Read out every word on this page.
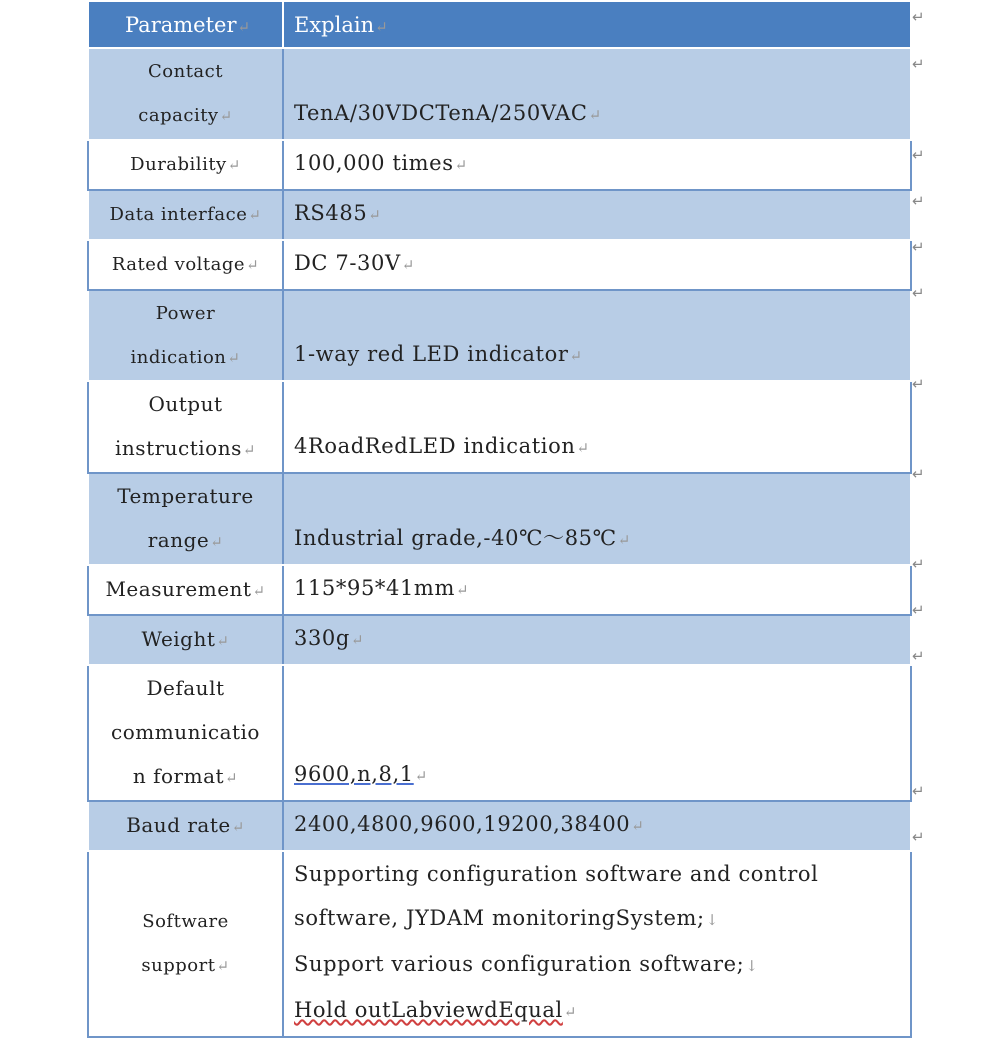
Parameter↵	Explain↵

Contact
capacity↵	TenA/30VDCTenA/250VAC↵
Durability↵	100,000 times↵
Data interface↵	RS485↵
Rated voltage↵	DC 7-30V↵

Power
indication↵	1-way red LED indicator↵

Output
instructions↵	4RoadRedLED indication↵

Temperature
range↵	Industrial grade,-40℃～85℃↵
Measurement↵	115*95*41mm↵
Weight↵	330g↵

Default
communicatio
n format↵	9600,n,8,1↵
Baud rate↵	2400,4800,9600,19200,38400↵

Software
support↵	Supporting configuration software and control
software, JYDAM monitoringSystem;↓
Support various configuration software;↓
Hold outLabviewdEqual↵
↵
↵
↵
↵
↵
↵
↵
↵
↵
↵
↵
↵
↵
